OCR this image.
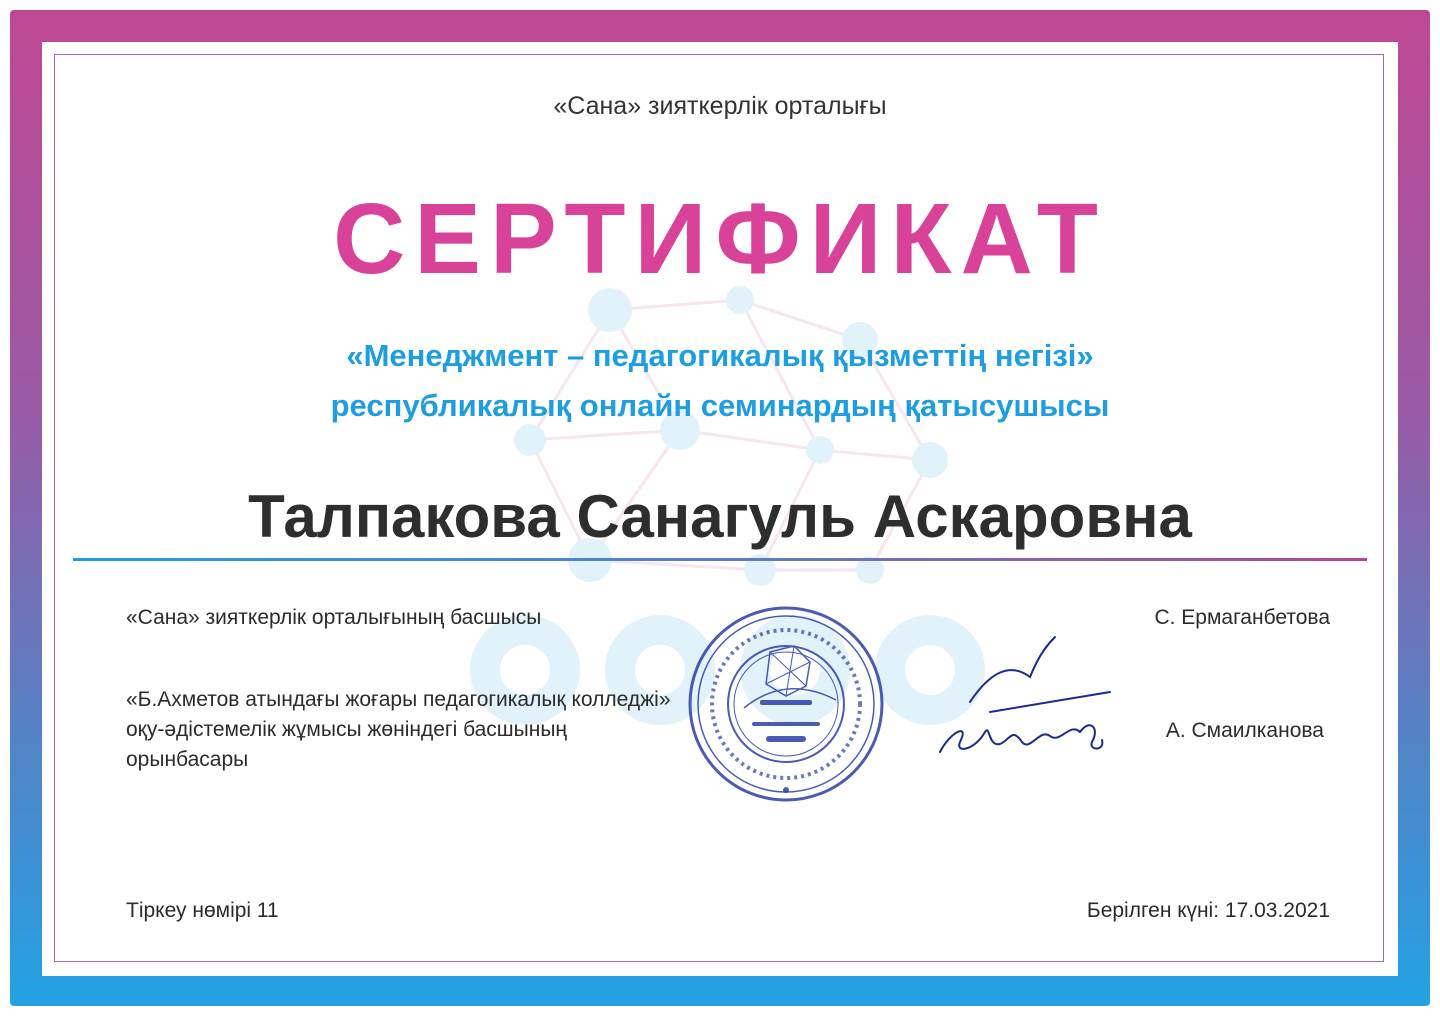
«Сана» зияткерлік орталығы
СЕРТИФИКАТ
«Менеджмент – педагогикалық қызметтің негізі»
республикалық онлайн семинардың қатысушысы
Талпакова Санагуль Аскаровна
«Сана» зияткерлік орталығының басшысы	С. Ермаганбетова
«Б.Ахметов атындағы жоғары педагогикалық колледжі» оқу-әдістемелік жұмысы жөніндегі басшының орынбасары
А. Смаилканова
Тіркеу нөмірі 11	Берілген күні: 17.03.2021
